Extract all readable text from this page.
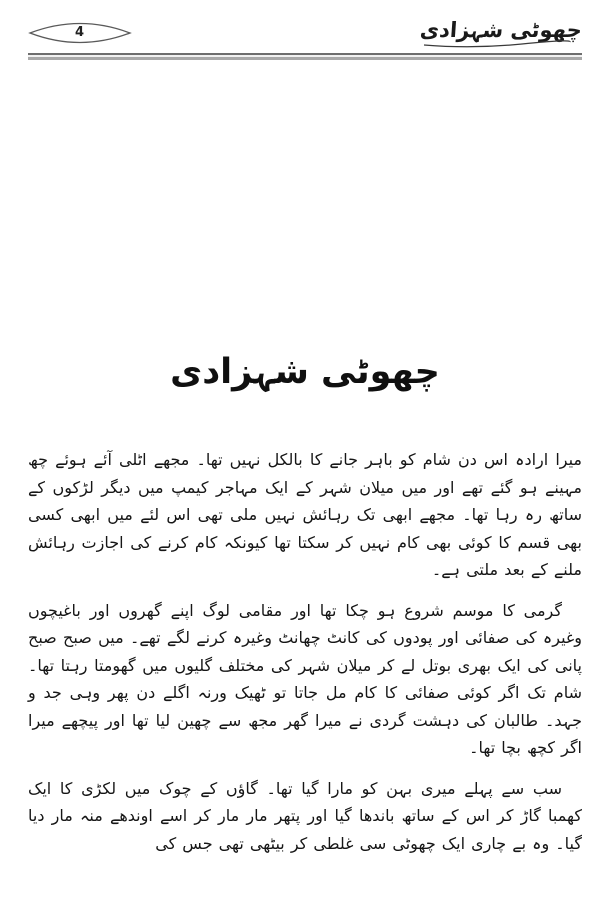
4	چھوٹی شہزادی
چھوٹی شہزادی

میرا ارادہ اس دن شام کو باہر جانے کا بالکل نہیں تھا۔ مجھے اٹلی آئے ہوئے چھ مہینے ہو گئے تھے اور میں میلان شہر کے ایک مہاجر کیمپ میں دیگر لڑکوں کے ساتھ رہ رہا تھا۔ مجھے ابھی تک رہائش نہیں ملی تھی اس لئے میں ابھی کسی بھی قسم کا کوئی بھی کام نہیں کر سکتا تھا کیونکہ کام کرنے کی اجازت رہائش ملنے کے بعد ملتی ہے۔

گرمی کا موسم شروع ہو چکا تھا اور مقامی لوگ اپنے گھروں اور باغیچوں وغیرہ کی صفائی اور پودوں کی کانٹ چھانٹ وغیرہ کرنے لگے تھے۔ میں صبح صبح پانی کی ایک بھری بوتل لے کر میلان شہر کی مختلف گلیوں میں گھومتا رہتا تھا۔ شام تک اگر کوئی صفائی کا کام مل جاتا تو ٹھیک ورنہ اگلے دن پھر وہی جد و جہد۔ طالبان کی دہشت گردی نے میرا گھر مجھ سے چھین لیا تھا اور پیچھے میرا اگر کچھ بچا تھا۔

سب سے پہلے میری بہن کو مارا گیا تھا۔ گاؤں کے چوک میں لکڑی کا ایک کھمبا گاڑ کر اس کے ساتھ باندھا گیا اور پتھر مار مار کر اسے اوندھے منہ مار دیا گیا۔ وہ بے چاری ایک چھوٹی سی غلطی کر بیٹھی تھی جس کی
